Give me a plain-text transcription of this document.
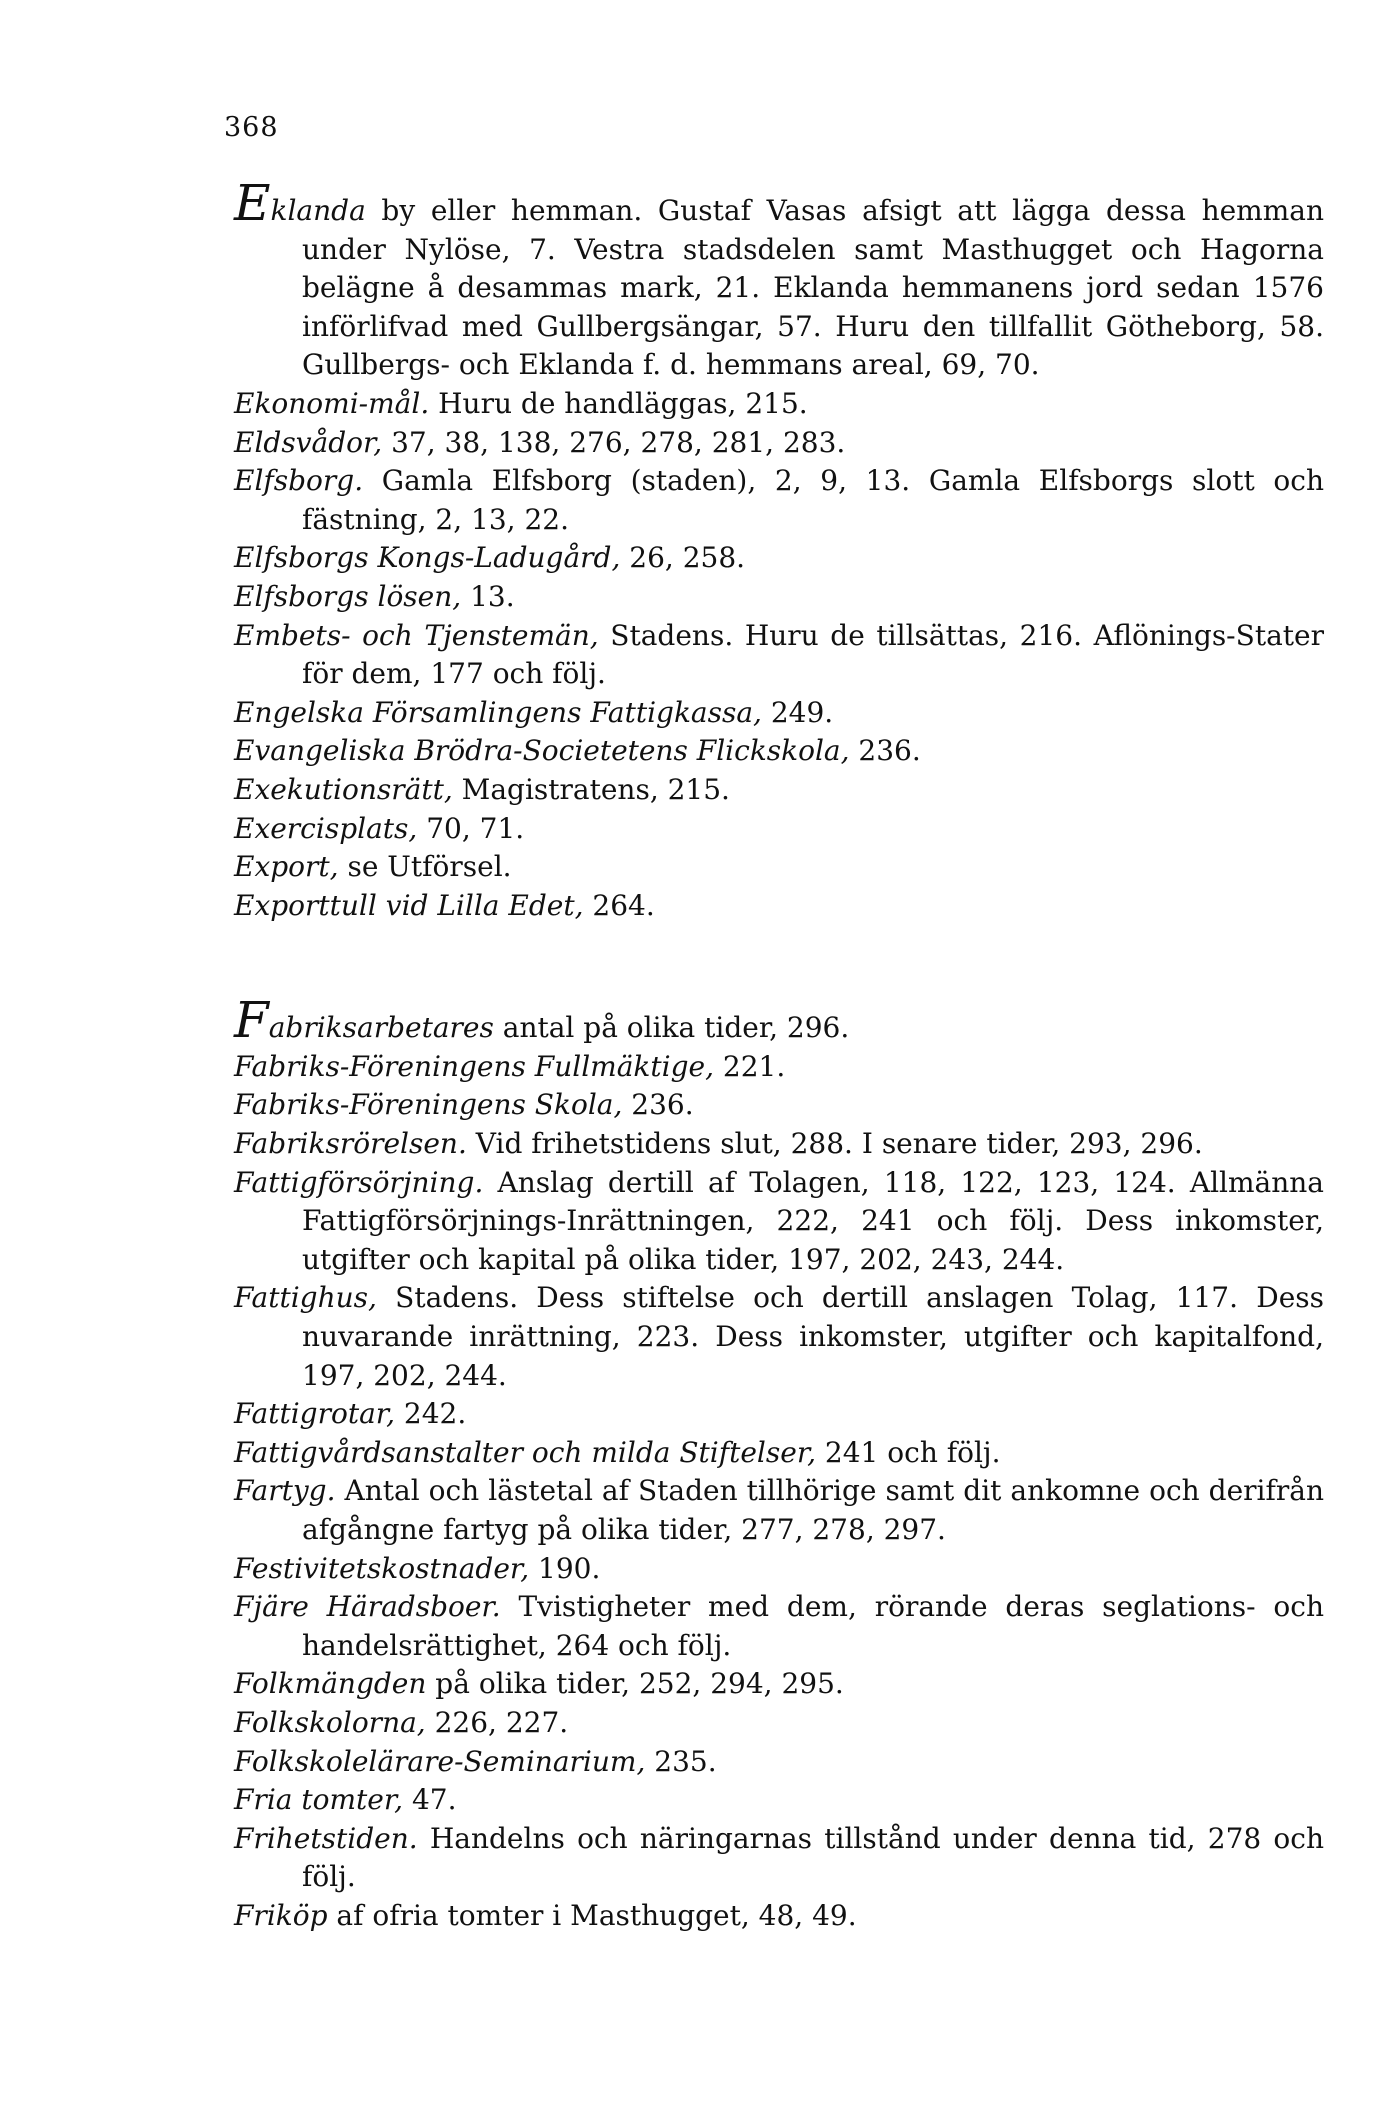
368

Eklanda by eller hemman. Gustaf Vasas afsigt att lägga dessa hemman under Nylöse, 7. Vestra stadsdelen samt Masthugget och Hagorna belägne å desammas mark, 21. Eklanda hemmanens jord sedan 1576 införlifvad med Gullbergsängar, 57. Huru den tillfallit Götheborg, 58. Gullbergs- och Eklanda f. d. hemmans areal, 69, 70.

Ekonomi-mål. Huru de handläggas, 215.

Eldsvådor, 37, 38, 138, 276, 278, 281, 283.

Elfsborg. Gamla Elfsborg (staden), 2, 9, 13. Gamla Elfsborgs slott och fästning, 2, 13, 22.

Elfsborgs Kongs-Ladugård, 26, 258.

Elfsborgs lösen, 13.

Embets- och Tjenstemän, Stadens. Huru de tillsättas, 216. Aflönings-Stater för dem, 177 och följ.

Engelska Församlingens Fattigkassa, 249.

Evangeliska Brödra-Societetens Flickskola, 236.

Exekutionsrätt, Magistratens, 215.

Exercisplats, 70, 71.

Export, se Utförsel.

Exporttull vid Lilla Edet, 264.

Fabriksarbetares antal på olika tider, 296.

Fabriks-Föreningens Fullmäktige, 221.

Fabriks-Föreningens Skola, 236.

Fabriksrörelsen. Vid frihetstidens slut, 288. I senare tider, 293, 296.

Fattigförsörjning. Anslag dertill af Tolagen, 118, 122, 123, 124. Allmänna Fattigförsörjnings-Inrättningen, 222, 241 och följ. Dess inkomster, utgifter och kapital på olika tider, 197, 202, 243, 244.

Fattighus, Stadens. Dess stiftelse och dertill anslagen Tolag, 117. Dess nuvarande inrättning, 223. Dess inkomster, utgifter och kapitalfond, 197, 202, 244.

Fattigrotar, 242.

Fattigvårdsanstalter och milda Stiftelser, 241 och följ.

Fartyg. Antal och lästetal af Staden tillhörige samt dit ankomne och derifrån afgångne fartyg på olika tider, 277, 278, 297.

Festivitetskostnader, 190.

Fjäre Häradsboer. Tvistigheter med dem, rörande deras seglations- och handelsrättighet, 264 och följ.

Folkmängden på olika tider, 252, 294, 295.

Folkskolorna, 226, 227.

Folkskolelärare-Seminarium, 235.

Fria tomter, 47.

Frihetstiden. Handelns och näringarnas tillstånd under denna tid, 278 och följ.

Friköp af ofria tomter i Masthugget, 48, 49.
